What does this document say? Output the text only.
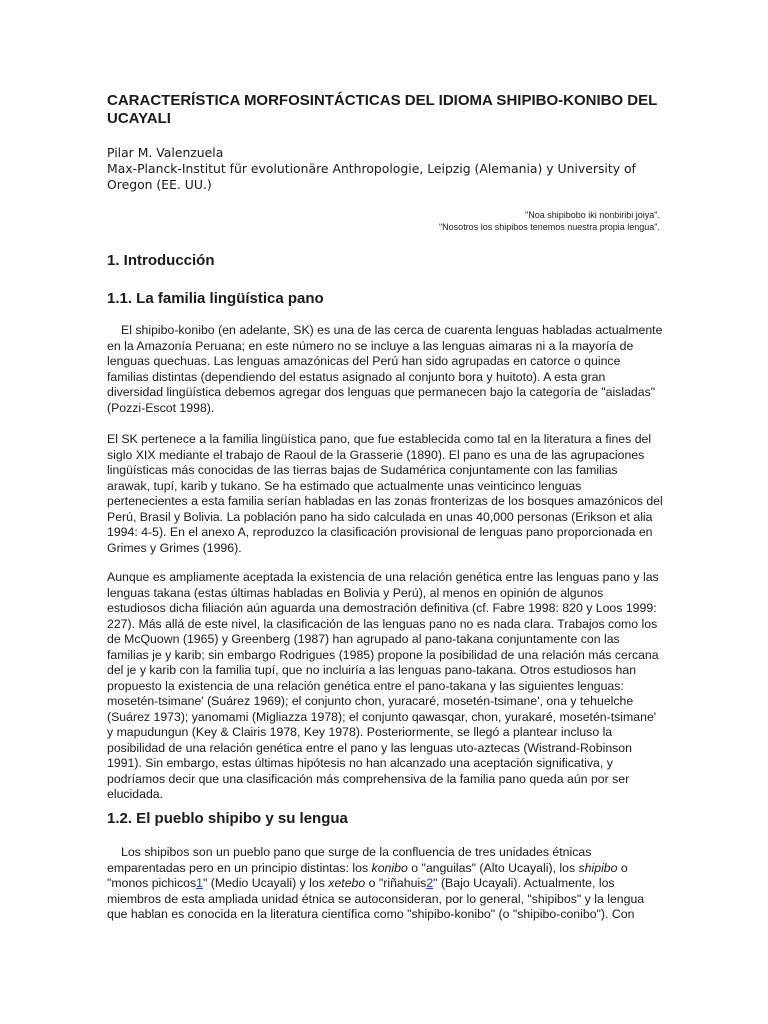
CARACTERÍSTICA MORFOSINTÁCTICAS DEL IDIOMA SHIPIBO-KONIBO DEL UCAYALI
Pilar M. Valenzuela
Max-Planck-Institut für evolutionäre Anthropologie, Leipzig (Alemania) y University of Oregon (EE. UU.)
"Noa shipibobo iki nonbiribi joiya".
"Nosotros los shipibos tenemos nuestra propia lengua".
1. Introducción
1.1. La familia lingüística pano

El shipibo-konibo (en adelante, SK) es una de las cerca de cuarenta lenguas habladas actualmente en la Amazonía Peruana; en este número no se incluye a las lenguas aimaras ni a la mayoría de lenguas quechuas. Las lenguas amazónicas del Perú han sido agrupadas en catorce o quince familias distintas (dependiendo del estatus asignado al conjunto bora y huitoto). A esta gran diversidad lingüística debemos agregar dos lenguas que permanecen bajo la categoría de "aisladas" (Pozzi-Escot 1998).

El SK pertenece a la familia lingüística pano, que fue establecida como tal en la literatura a fines del siglo XIX mediante el trabajo de Raoul de la Grasserie (1890). El pano es una de las agrupaciones lingüísticas más conocidas de las tierras bajas de Sudamérica conjuntamente con las familias arawak, tupí, karib y tukano. Se ha estimado que actualmente unas veinticinco lenguas pertenecientes a esta familia serían habladas en las zonas fronterizas de los bosques amazónicos del Perú, Brasil y Bolivia. La población pano ha sido calculada en unas 40,000 personas (Erikson et alia 1994: 4-5). En el anexo A, reproduzco la clasificación provisional de lenguas pano proporcionada en Grimes y Grimes (1996).

Aunque es ampliamente aceptada la existencia de una relación genética entre las lenguas pano y las lenguas takana (estas últimas habladas en Bolivia y Perú), al menos en opinión de algunos estudiosos dicha filiación aún aguarda una demostración definitiva (cf. Fabre 1998: 820 y Loos 1999: 227). Más allá de este nivel, la clasificación de las lenguas pano no es nada clara. Trabajos como los de McQuown (1965) y Greenberg (1987) han agrupado al pano-takana conjuntamente con las familias je y karib; sin embargo Rodrigues (1985) propone la posibilidad de una relación más cercana del je y karib con la familia tupí, que no incluiría a las lenguas pano-takana. Otros estudiosos han propuesto la existencia de una relación genética entre el pano-takana y las siguientes lenguas: mosetén-tsimane' (Suárez 1969); el conjunto chon, yuracaré, mosetén-tsimane', ona y tehuelche (Suárez 1973); yanomami (Migliazza 1978); el conjunto qawasqar, chon, yurakaré, mosetén-tsimane' y mapudungun (Key & Clairis 1978, Key 1978). Posteriormente, se llegó a plantear incluso la posibilidad de una relación genética entre el pano y las lenguas uto-aztecas (Wistrand-Robinson 1991). Sin embargo, estas últimas hipótesis no han alcanzado una aceptación significativa, y podríamos decir que una clasificación más comprehensiva de la familia pano queda aún por ser elucidada.

1.2. El pueblo shipibo y su lengua

Los shipibos son un pueblo pano que surge de la confluencia de tres unidades étnicas emparentadas pero en un principio distintas: los konibo o "anguilas" (Alto Ucayali), los shipibo o "monos pichicos1" (Medio Ucayali) y los xetebo o "riñahuis2" (Bajo Ucayali). Actualmente, los miembros de esta ampliada unidad étnica se autoconsideran, por lo general, "shipibos" y la lengua que hablan es conocida en la literatura científica como "shipibo-konibo" (o "shipibo-conibo"). Con
